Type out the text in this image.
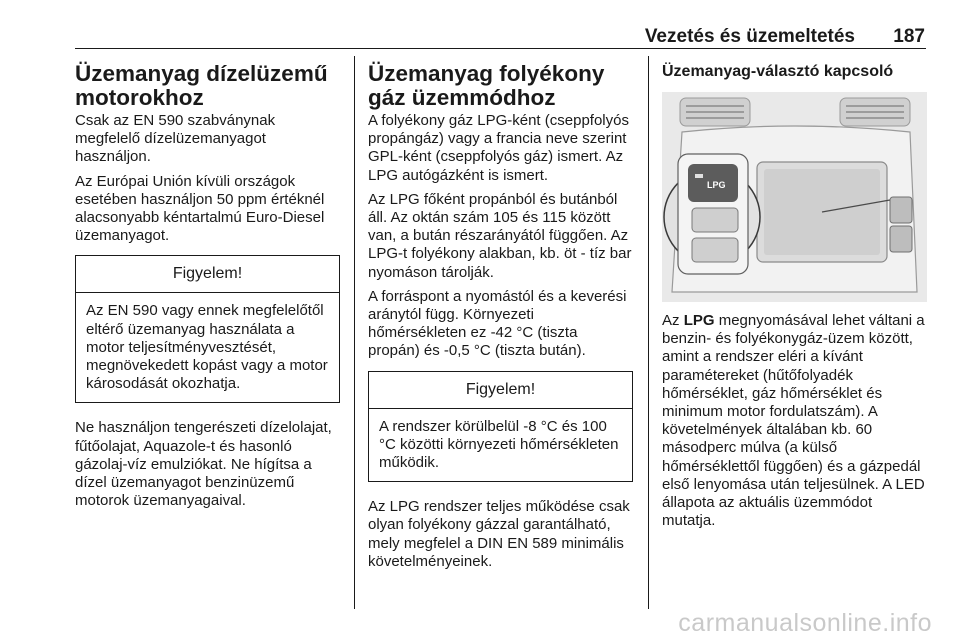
Vezetés és üzemeltetés 187
Üzemanyag dízelüzemű motorokhoz

Csak az EN 590 szabványnak megfelelő dízelüzemanyagot használjon.

Az Európai Unión kívüli országok esetében használjon 50 ppm értéknél alacsonyabb kéntartalmú Euro-Diesel üzemanyagot.

Figyelem!
Az EN 590 vagy ennek megfelelőtől eltérő üzemanyag használata a motor teljesítményvesztését, megnövekedett kopást vagy a motor károsodását okozhatja.

Ne használjon tengerészeti dízelolajat, fűtőolajat, Aquazole-t és hasonló gázolaj-víz emulziókat. Ne hígítsa a dízel üzemanyagot benzinüzemű motorok üzemanyagaival.

Üzemanyag folyékony gáz üzemmódhoz

A folyékony gáz LPG-ként (cseppfolyós propángáz) vagy a francia neve szerint GPL-ként (cseppfolyós gáz) ismert. Az LPG autógázként is ismert.

Az LPG főként propánból és butánból áll. Az oktán szám 105 és 115 között van, a bután részarányától függően. Az LPG-t folyékony alakban, kb. öt - tíz bar nyomáson tárolják.

A forráspont a nyomástól és a keverési aránytól függ. Környezeti hőmérsékleten ez -42 °C (tiszta propán) és -0,5 °C (tiszta bután).

Figyelem!
A rendszer körülbelül -8 °C és 100 °C közötti környezeti hőmérsékleten működik.

Az LPG rendszer teljes működése csak olyan folyékony gázzal garantálható, mely megfelel a DIN EN 589 minimális követelményeinek.

Üzemanyag-választó kapcsoló
LPG

Az LPG megnyomásával lehet váltani a benzin- és folyékonygáz-üzem között, amint a rendszer eléri a kívánt paramétereket (hűtőfolyadék hőmérséklet, gáz hőmérséklet és minimum motor fordulatszám). A követelmények általában kb. 60 másodperc múlva (a külső hőmérséklettől függően) és a gázpedál első lenyomása után teljesülnek. A LED állapota az aktuális üzemmódot mutatja.

carmanualsonline.info
